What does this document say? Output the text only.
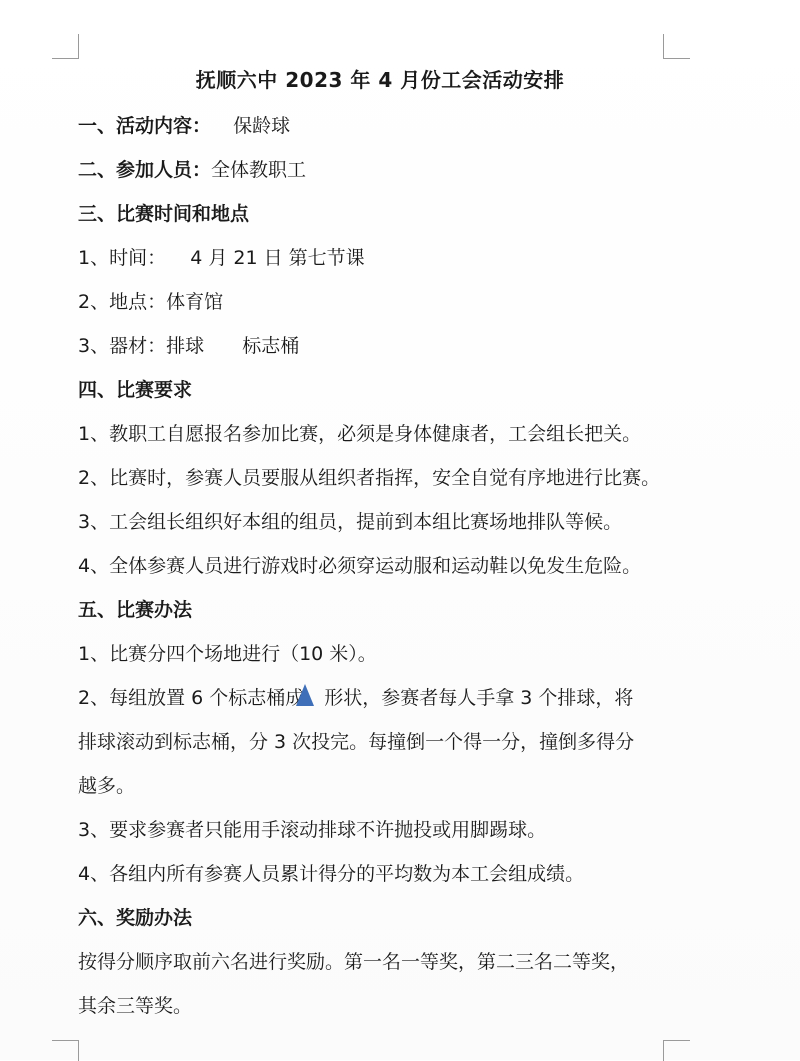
抚顺六中 2023 年 4 月份工会活动安排
一、活动内容： 保龄球
二、参加人员：全体教职工
三、比赛时间和地点
1、时间： 4 月 21 日 第七节课
2、地点：体育馆
3、器材：排球 标志桶
四、比赛要求
1、教职工自愿报名参加比赛，必须是身体健康者，工会组长把关。
2、比赛时，参赛人员要服从组织者指挥，安全自觉有序地进行比赛。
3、工会组长组织好本组的组员，提前到本组比赛场地排队等候。
4、全体参赛人员进行游戏时必须穿运动服和运动鞋以免发生危险。
五、比赛办法
1、比赛分四个场地进行（10 米）。
2、每组放置 6 个标志桶成 形状，参赛者每人手拿 3 个排球，将
排球滚动到标志桶，分 3 次投完。每撞倒一个得一分，撞倒多得分
越多。
3、要求参赛者只能用手滚动排球不许抛投或用脚踢球。
4、各组内所有参赛人员累计得分的平均数为本工会组成绩。
六、奖励办法
按得分顺序取前六名进行奖励。第一名一等奖，第二三名二等奖，
其余三等奖。
